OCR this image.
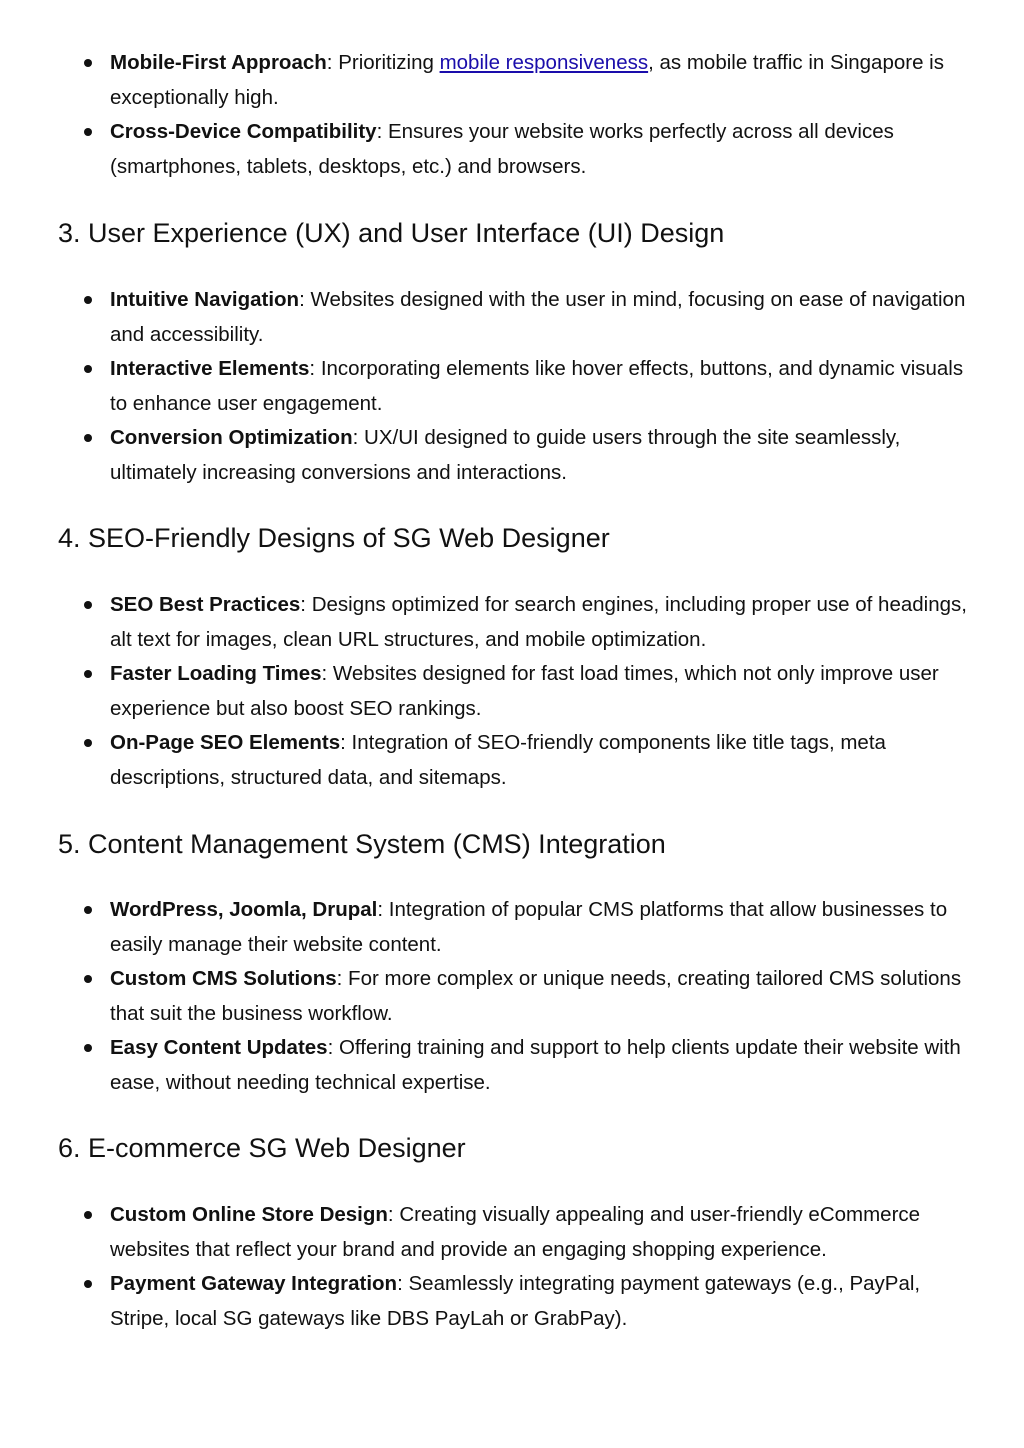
Mobile-First Approach: Prioritizing mobile responsiveness, as mobile traffic in Singapore is exceptionally high.
Cross-Device Compatibility: Ensures your website works perfectly across all devices (smartphones, tablets, desktops, etc.) and browsers.
3. User Experience (UX) and User Interface (UI) Design
Intuitive Navigation: Websites designed with the user in mind, focusing on ease of navigation and accessibility.
Interactive Elements: Incorporating elements like hover effects, buttons, and dynamic visuals to enhance user engagement.
Conversion Optimization: UX/UI designed to guide users through the site seamlessly, ultimately increasing conversions and interactions.
4. SEO-Friendly Designs of SG Web Designer
SEO Best Practices: Designs optimized for search engines, including proper use of headings, alt text for images, clean URL structures, and mobile optimization.
Faster Loading Times: Websites designed for fast load times, which not only improve user experience but also boost SEO rankings.
On-Page SEO Elements: Integration of SEO-friendly components like title tags, meta descriptions, structured data, and sitemaps.
5. Content Management System (CMS) Integration
WordPress, Joomla, Drupal: Integration of popular CMS platforms that allow businesses to easily manage their website content.
Custom CMS Solutions: For more complex or unique needs, creating tailored CMS solutions that suit the business workflow.
Easy Content Updates: Offering training and support to help clients update their website with ease, without needing technical expertise.
6. E-commerce SG Web Designer
Custom Online Store Design: Creating visually appealing and user-friendly eCommerce websites that reflect your brand and provide an engaging shopping experience.
Payment Gateway Integration: Seamlessly integrating payment gateways (e.g., PayPal, Stripe, local SG gateways like DBS PayLah or GrabPay).
